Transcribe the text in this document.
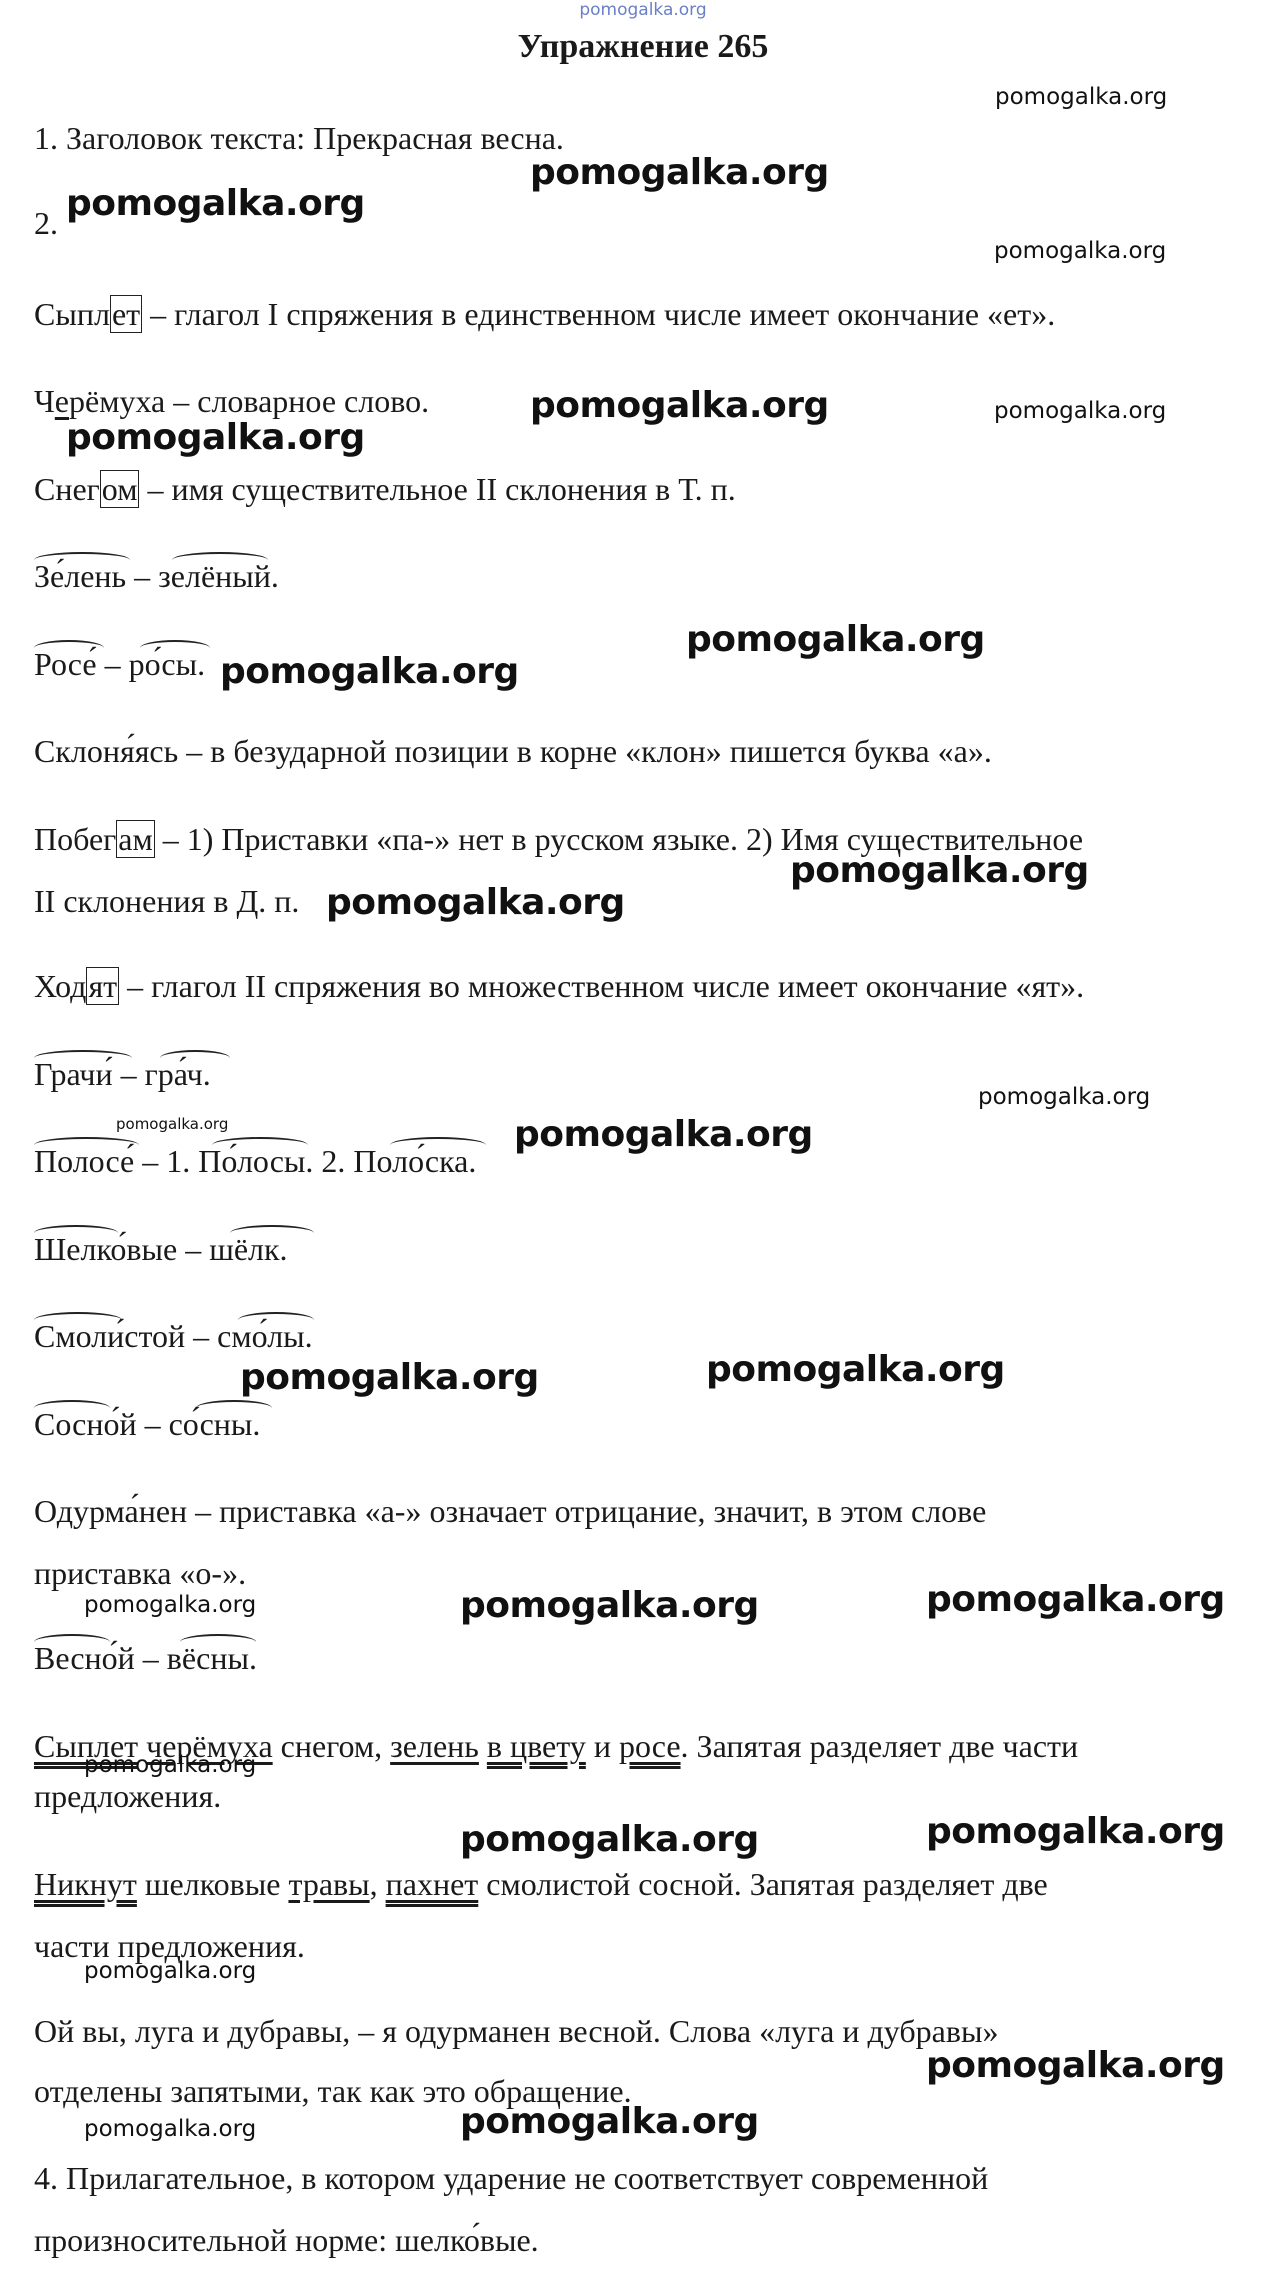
pomogalka.org
Упражнение 265
1. Заголовок текста: Прекрасная весна.
2.
Сыплет – глагол I спряжения в единственном числе имеет окончание «ет».
Черёмуха – словарное слово.
Снегом – имя существительное II склонения в Т. п.
Зе́лень – зелёный.
Росе́ – ро́сы.
Склоня́ясь – в безударной позиции в корне «клон» пишется буква «а».
Побегам – 1) Приставки «па-» нет в русском языке. 2) Имя существительное
II склонения в Д. п.
Ходят – глагол II спряжения во множественном числе имеет окончание «ят».
Грачи́ – гра́ч.
Полосе́ – 1. По́лосы. 2. Поло́ска.
Шелко́вые – шёлк.
Смоли́стой – смо́лы.
Сосно́й – со́сны.
Одурма́нен – приставка «а-» означает отрицание, значит, в этом слове
приставка «о-».
Весно́й – вёсны.
Сыплет черёмуха снегом, зелень в цвету и росе. Запятая разделяет две части
предложения.
Никнут шелковые травы, пахнет смолистой сосной. Запятая разделяет две
части предложения.
Ой вы, луга и дубравы, – я одурманен весной. Слова «луга и дубравы»
отделены запятыми, так как это обращение.
4. Прилагательное, в котором ударение не соответствует современной
произносительной норме: шелко́вые.
pomogalka.org
pomogalka.org
pomogalka.org
pomogalka.org
pomogalka.org	pomogalka.org
pomogalka.org
pomogalka.org
pomogalka.org
pomogalka.org
pomogalka.org
pomogalka.org
pomogalka.org	pomogalka.org
pomogalka.org
pomogalka.org
pomogalka.org
pomogalka.org	pomogalka.org
pomogalka.org
pomogalka.org
pomogalka.org
pomogalka.org
pomogalka.org
pomogalka.org	pomogalka.org
